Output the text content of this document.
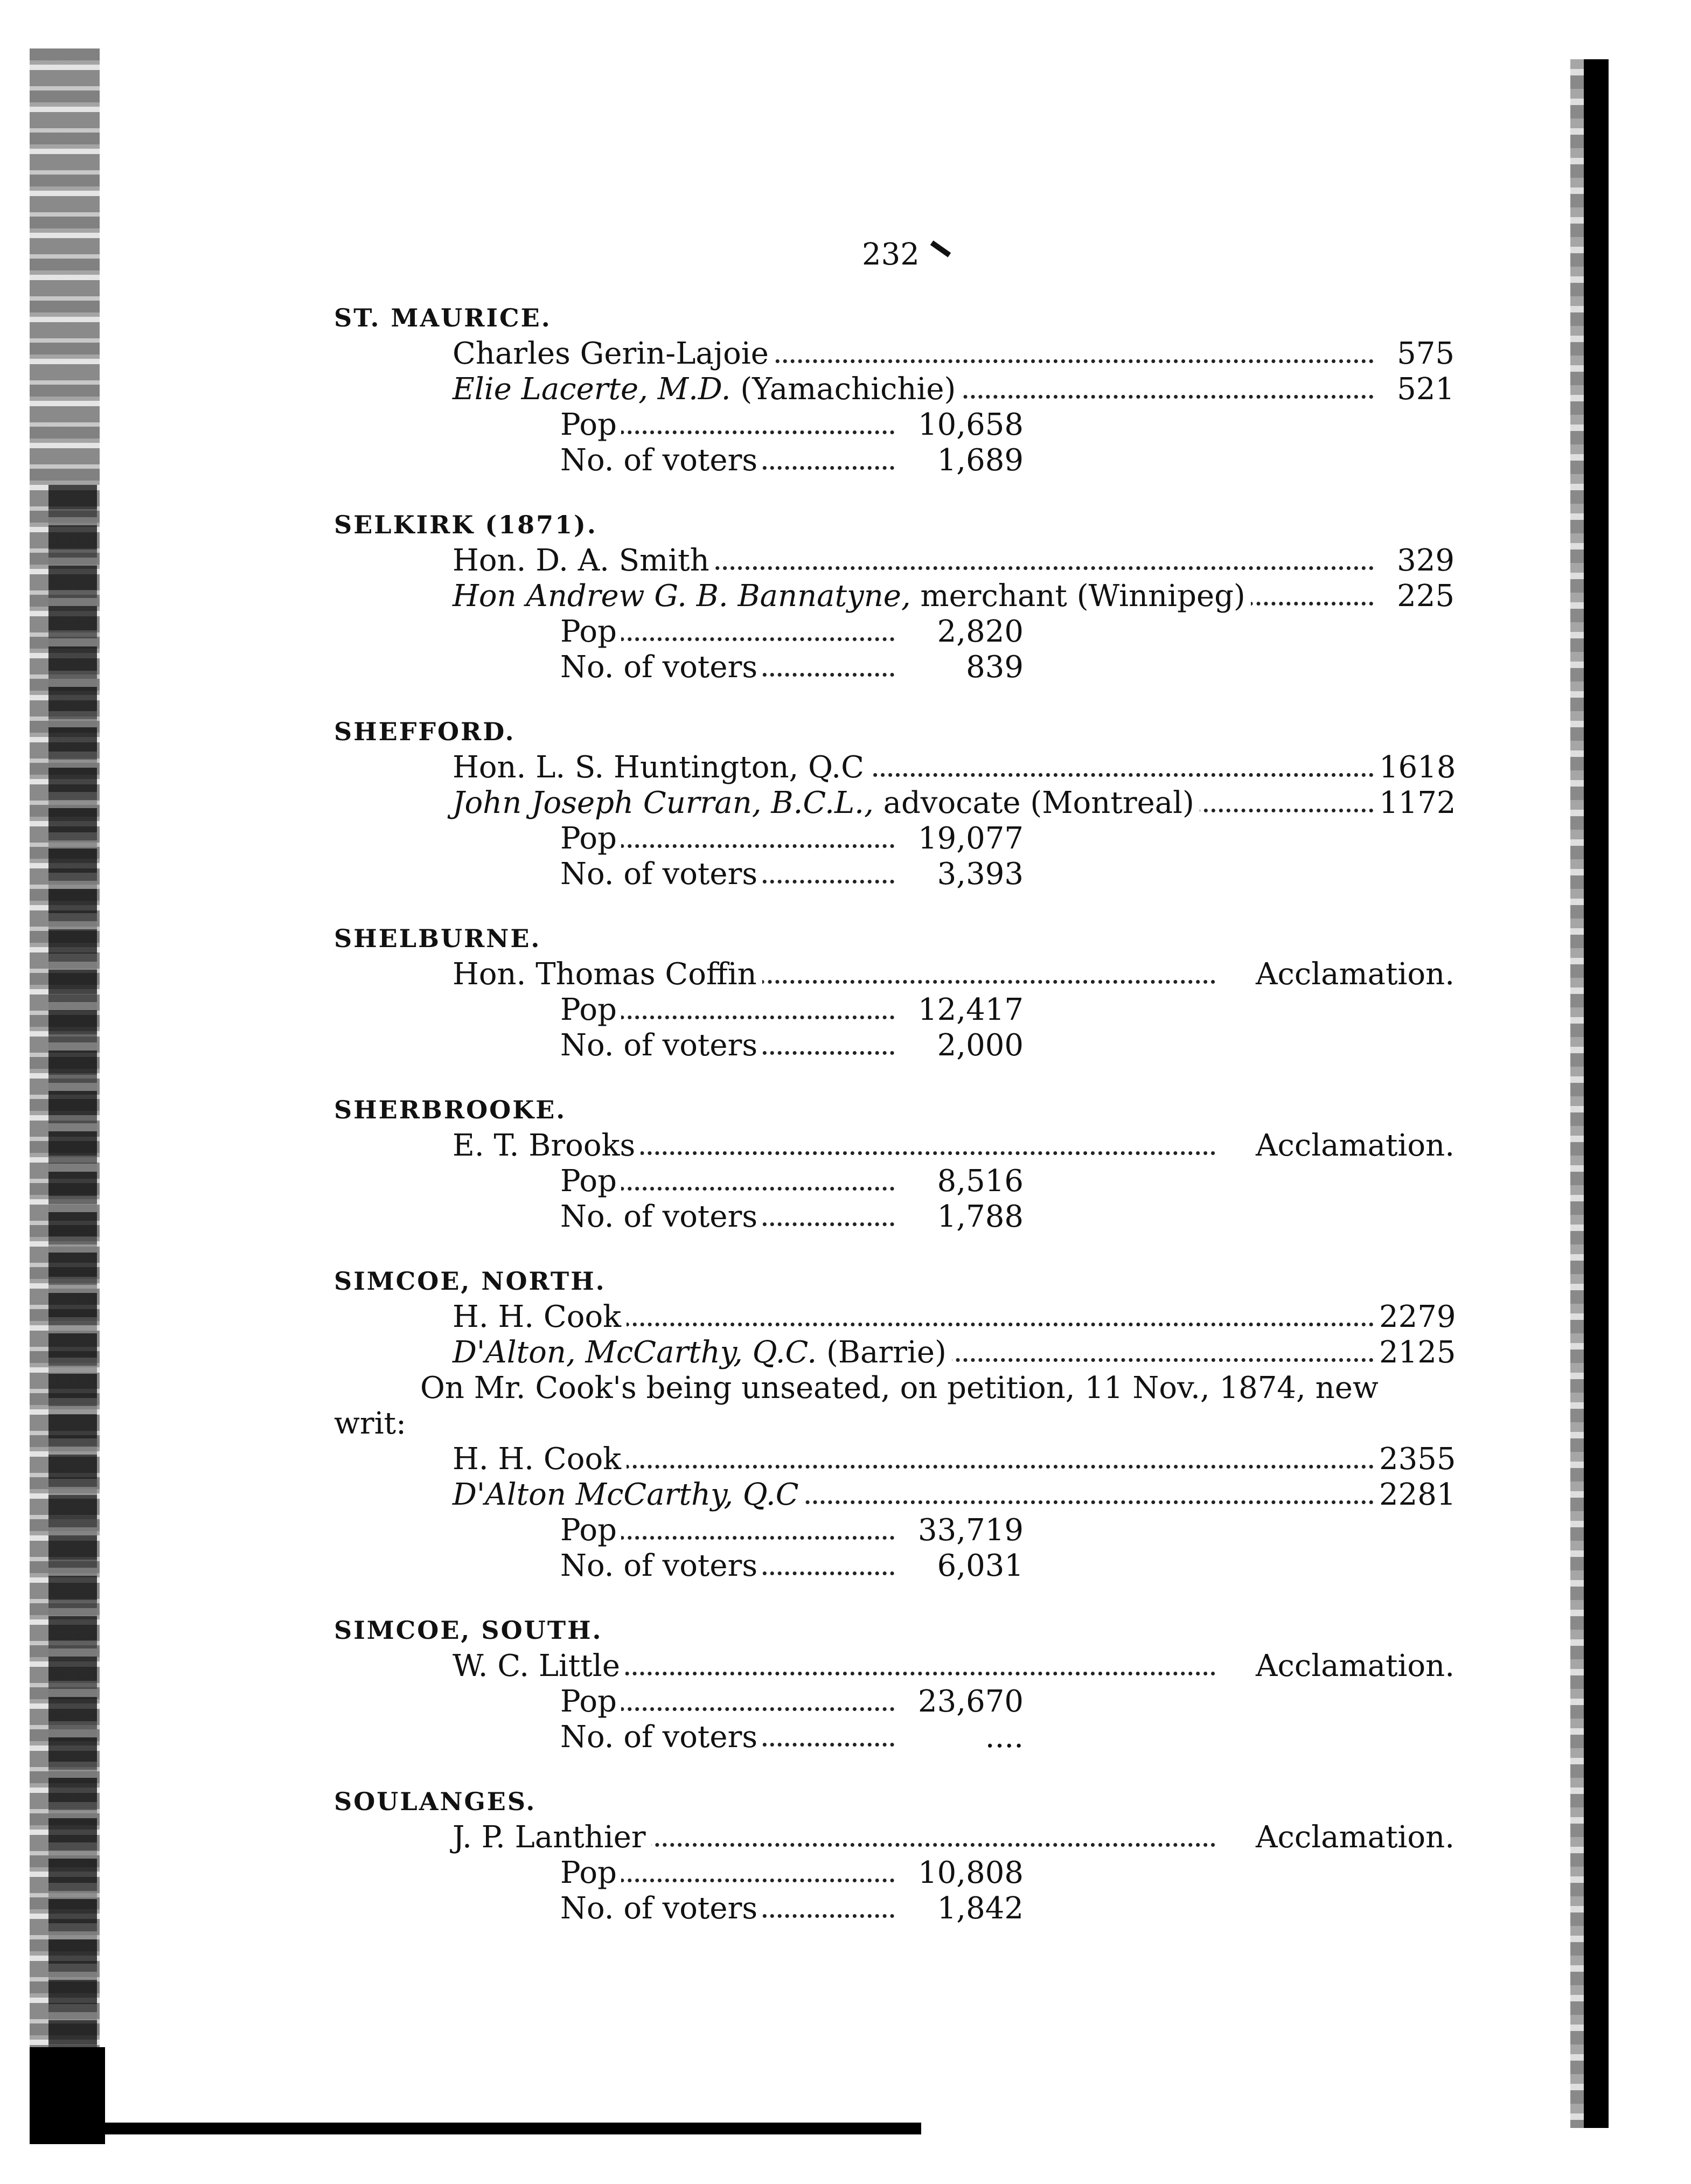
232
ST. MAURICE.
Charles Gerin-Lajoie	575
Elie Lacerte, M.D. (Yamachichie)	521
Pop	10,658
No. of voters	1,689
SELKIRK (1871).
Hon. D. A. Smith	329
Hon Andrew G. B. Bannatyne, merchant (Winnipeg)	225
Pop	2,820
No. of voters	839
SHEFFORD.
Hon. L. S. Huntington, Q.C	1618
John Joseph Curran, B.C.L., advocate (Montreal)	1172
Pop	19,077
No. of voters	3,393
SHELBURNE.
Hon. Thomas Coffin	Acclamation.
Pop	12,417
No. of voters	2,000
SHERBROOKE.
E. T. Brooks	Acclamation.
Pop	8,516
No. of voters	1,788
SIMCOE, NORTH.
H. H. Cook	2279
D'Alton, McCarthy, Q.C. (Barrie)	2125
On Mr. Cook's being unseated, on petition, 11 Nov., 1874, new
writ:
H. H. Cook	2355
D'Alton McCarthy, Q.C	2281
Pop	33,719
No. of voters	6,031
SIMCOE, SOUTH.
W. C. Little	Acclamation.
Pop	23,670
No. of voters	....
SOULANGES.
J. P. Lanthier	Acclamation.
Pop	10,808
No. of voters	1,842
